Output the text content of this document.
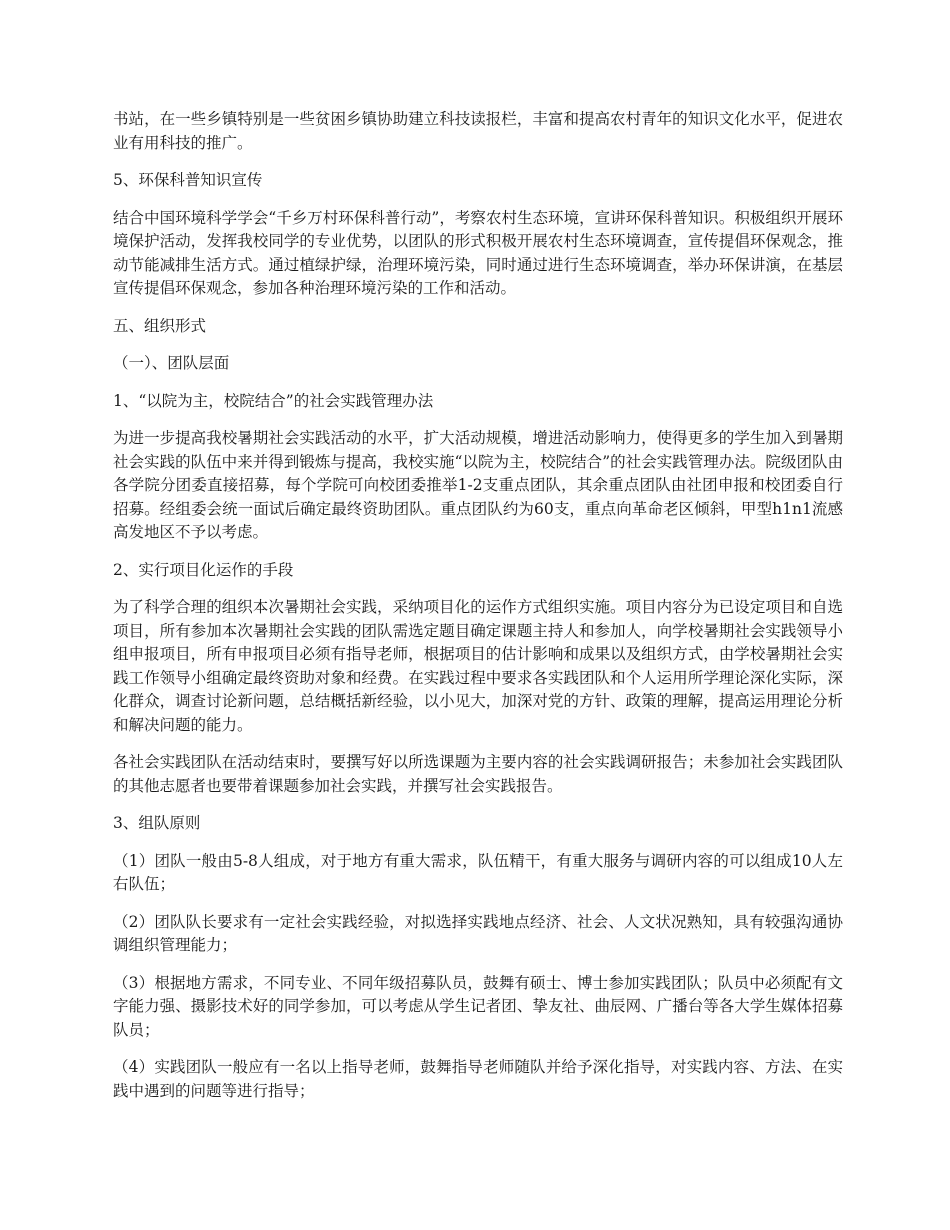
书站，在一些乡镇特别是一些贫困乡镇协助建立科技读报栏，丰富和提高农村青年的知识文化水平，促进农业有用科技的推广。

5、环保科普知识宣传

结合中国环境科学学会“千乡万村环保科普行动”，考察农村生态环境，宣讲环保科普知识。积极组织开展环境保护活动，发挥我校同学的专业优势，以团队的形式积极开展农村生态环境调查，宣传提倡环保观念，推动节能减排生活方式。通过植绿护绿，治理环境污染，同时通过进行生态环境调查，举办环保讲演，在基层宣传提倡环保观念，参加各种治理环境污染的工作和活动。

五、组织形式

（一）、团队层面

1、“以院为主，校院结合”的社会实践管理办法

为进一步提高我校暑期社会实践活动的水平，扩大活动规模，增进活动影响力，使得更多的学生加入到暑期社会实践的队伍中来并得到锻炼与提高，我校实施“以院为主，校院结合”的社会实践管理办法。院级团队由各学院分团委直接招募，每个学院可向校团委推举1-2支重点团队，其余重点团队由社团申报和校团委自行招募。经组委会统一面试后确定最终资助团队。重点团队约为60支，重点向革命老区倾斜，甲型h1n1流感高发地区不予以考虑。

2、实行项目化运作的手段

为了科学合理的组织本次暑期社会实践，采纳项目化的运作方式组织实施。项目内容分为已设定项目和自选项目，所有参加本次暑期社会实践的团队需选定题目确定课题主持人和参加人，向学校暑期社会实践领导小组申报项目，所有申报项目必须有指导老师，根据项目的估计影响和成果以及组织方式，由学校暑期社会实践工作领导小组确定最终资助对象和经费。在实践过程中要求各实践团队和个人运用所学理论深化实际，深化群众，调查讨论新问题，总结概括新经验，以小见大，加深对党的方针、政策的理解，提高运用理论分析和解决问题的能力。

各社会实践团队在活动结束时，要撰写好以所选课题为主要内容的社会实践调研报告；未参加社会实践团队的其他志愿者也要带着课题参加社会实践，并撰写社会实践报告。

3、组队原则

（1）团队一般由5-8人组成，对于地方有重大需求，队伍精干，有重大服务与调研内容的可以组成10人左右队伍；

（2）团队队长要求有一定社会实践经验，对拟选择实践地点经济、社会、人文状况熟知，具有较强沟通协调组织管理能力；

（3）根据地方需求，不同专业、不同年级招募队员，鼓舞有硕士、博士参加实践团队；队员中必须配有文字能力强、摄影技术好的同学参加，可以考虑从学生记者团、挚友社、曲辰网、广播台等各大学生媒体招募队员；

（4）实践团队一般应有一名以上指导老师，鼓舞指导老师随队并给予深化指导，对实践内容、方法、在实践中遇到的问题等进行指导；
